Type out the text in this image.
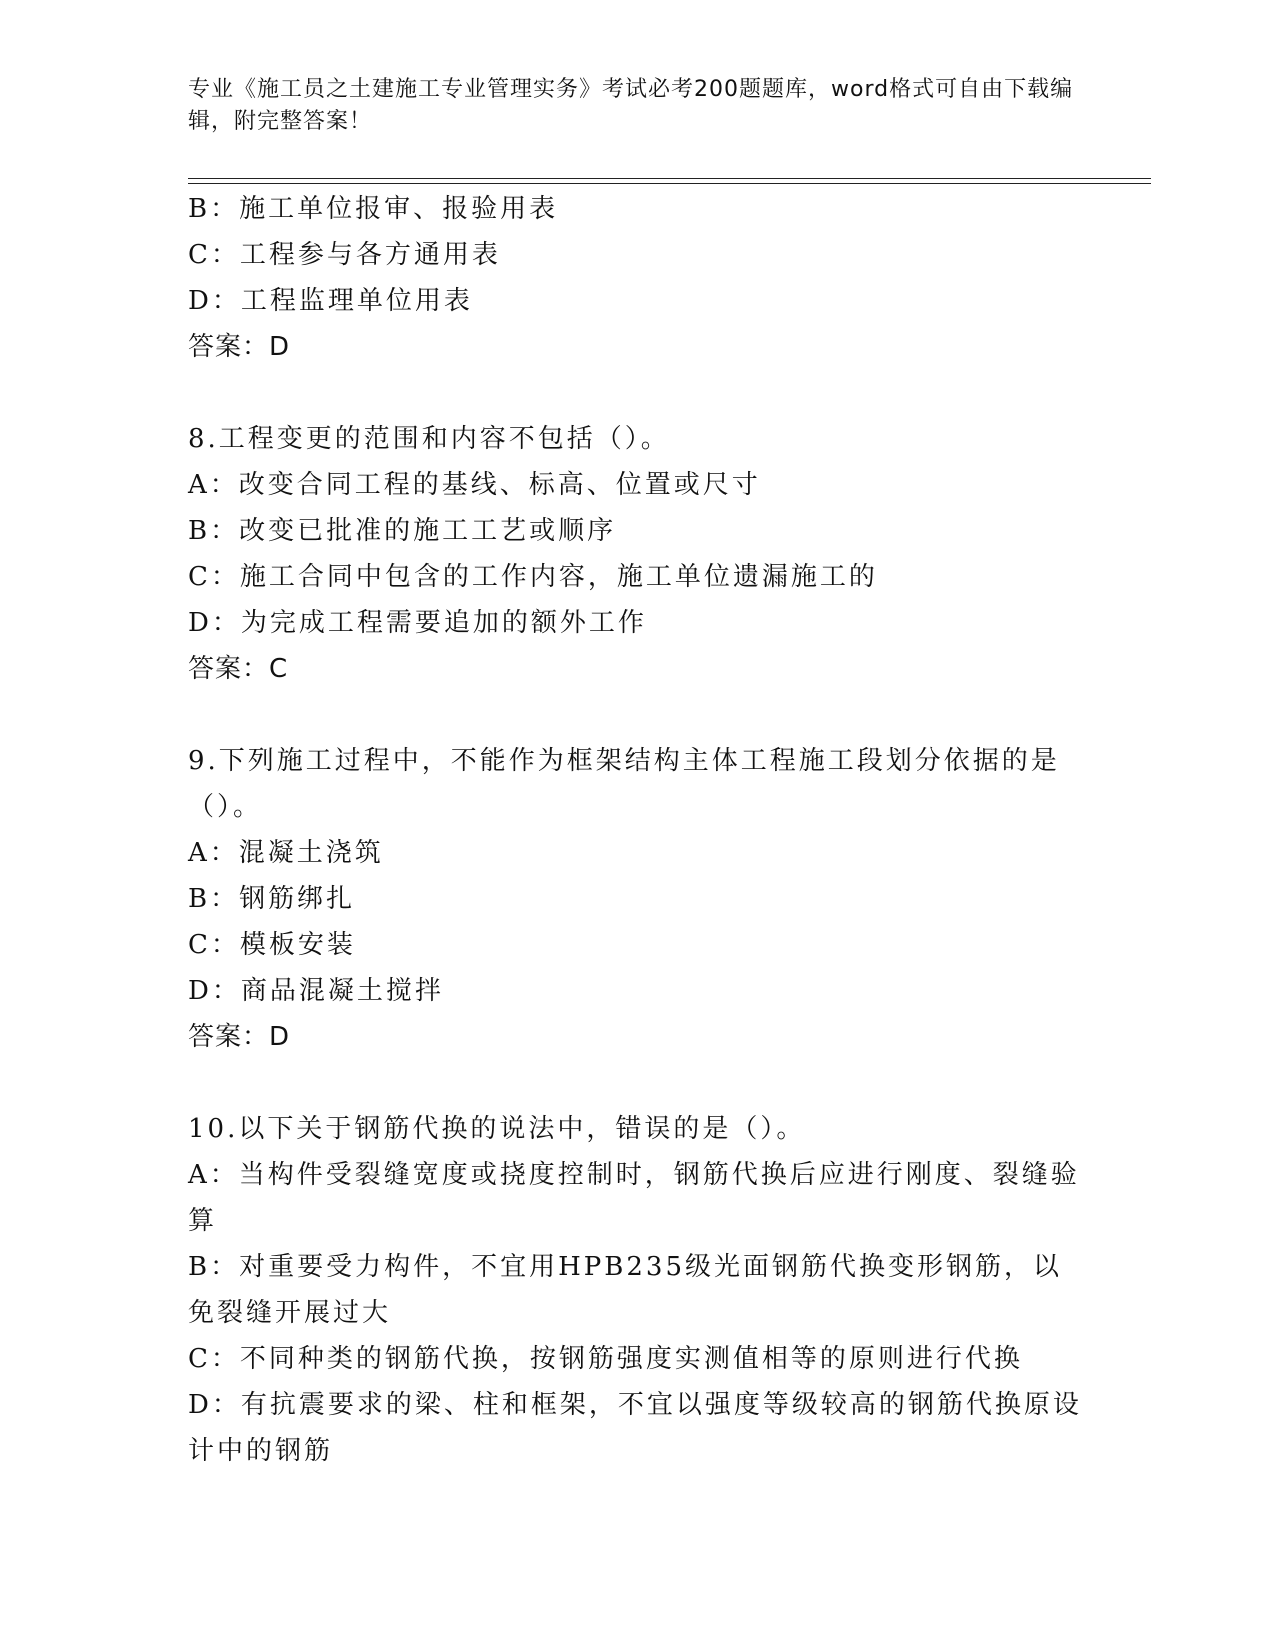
专业《施工员之土建施工专业管理实务》考试必考200题题库，word格式可自由下载编辑，附完整答案！
B：施工单位报审、报验用表
C：工程参与各方通用表
D：工程监理单位用表
答案：D
8.工程变更的范围和内容不包括（）。
A：改变合同工程的基线、标高、位置或尺寸
B：改变已批准的施工工艺或顺序
C：施工合同中包含的工作内容，施工单位遗漏施工的
D：为完成工程需要追加的额外工作
答案：C
9.下列施工过程中，不能作为框架结构主体工程施工段划分依据的是（）。
A：混凝土浇筑
B：钢筋绑扎
C：模板安装
D：商品混凝土搅拌
答案：D
10.以下关于钢筋代换的说法中，错误的是（）。
A：当构件受裂缝宽度或挠度控制时，钢筋代换后应进行刚度、裂缝验算
B：对重要受力构件，不宜用HPB235级光面钢筋代换变形钢筋，以免裂缝开展过大
C：不同种类的钢筋代换，按钢筋强度实测值相等的原则进行代换
D：有抗震要求的梁、柱和框架，不宜以强度等级较高的钢筋代换原设计中的钢筋
